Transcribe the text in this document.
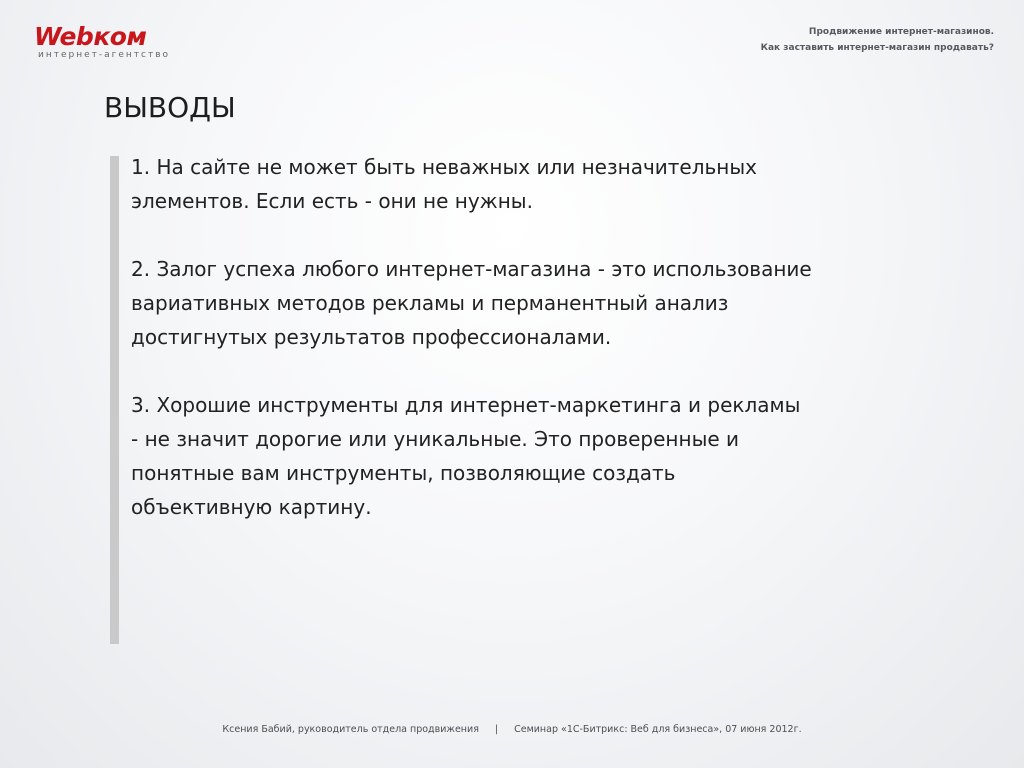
Webком
интернет-агентство
Продвижение интернет-магазинов.
Как заставить интернет-магазин продавать?
ВЫВОДЫ
1. На сайте не может быть неважных или незначительных
элементов. Если есть - они не нужны.
2. Залог успеха любого интернет-магазина - это использование
вариативных методов рекламы и перманентный анализ
достигнутых результатов профессионалами.
3. Хорошие инструменты для интернет-маркетинга и рекламы
- не значит дорогие или уникальные. Это проверенные и
понятные вам инструменты, позволяющие создать
объективную картину.
Ксения Бабий, руководитель отдела продвижения | Семинар «1С-Битрикс: Веб для бизнеса», 07 июня 2012г.
